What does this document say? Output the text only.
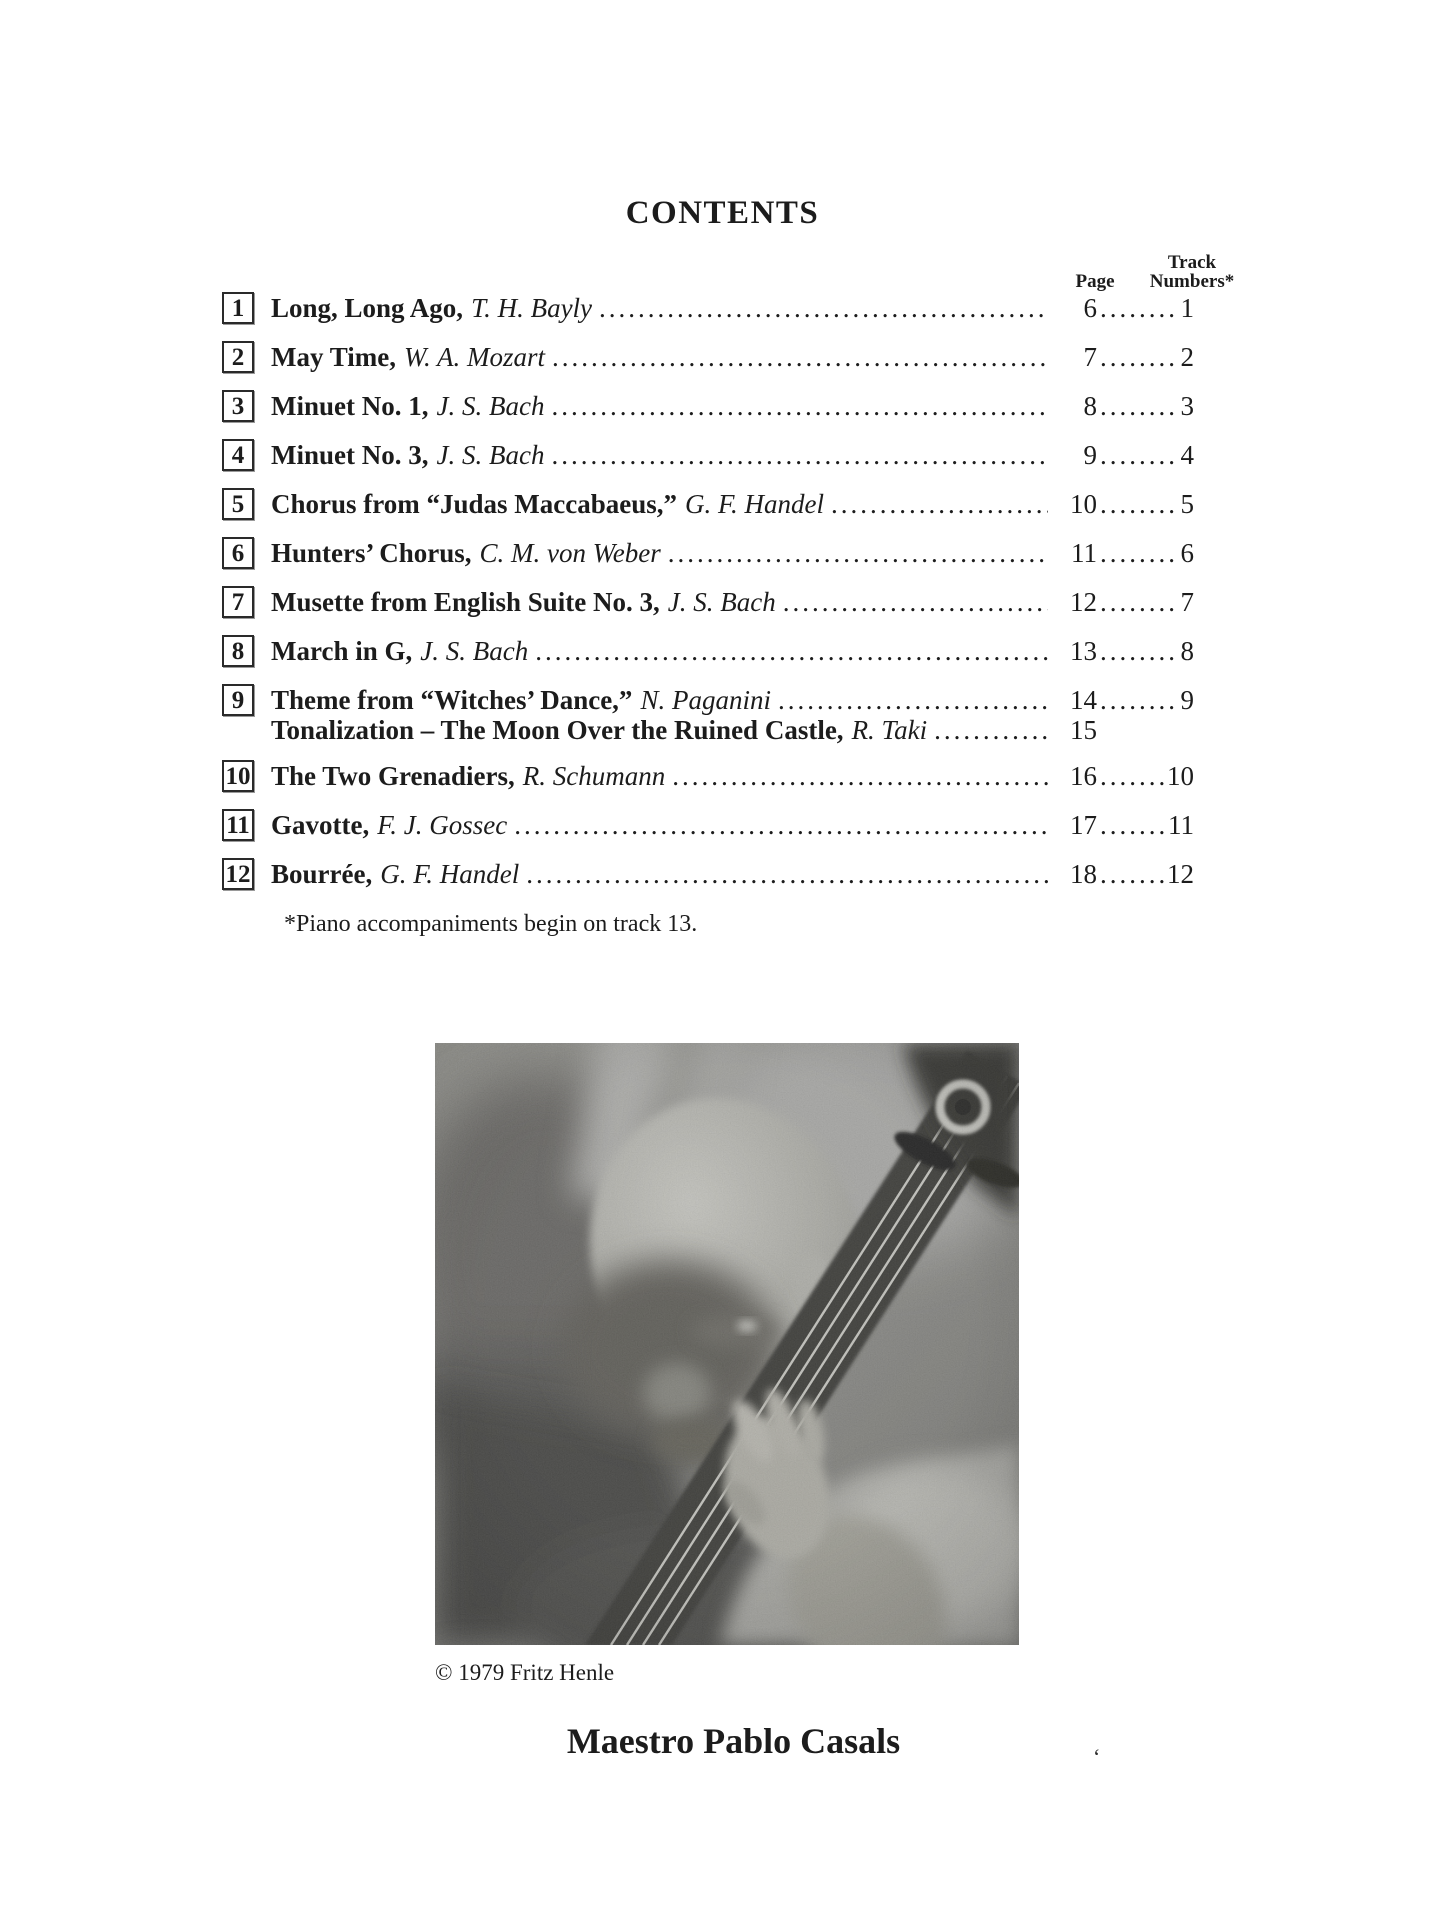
CONTENTS
Page
Track
Numbers*
1 Long, Long Ago, T. H. Bayly .....	6 .....	1
2 May Time, W. A. Mozart .....	7 .....	2
3 Minuet No. 1, J. S. Bach .....	8 .....	3
4 Minuet No. 3, J. S. Bach .....	9 .....	4
5 Chorus from “Judas Maccabaeus,” G. F. Handel .....	10 .....	5
6 Hunters’ Chorus, C. M. von Weber .....	11 .....	6
7 Musette from English Suite No. 3, J. S. Bach .....	12 .....	7
8 March in G, J. S. Bach .....	13 .....	8
9 Theme from “Witches’ Dance,” N. Paganini .....	14 .....	9
Tonalization – The Moon Over the Ruined Castle, R. Taki .....	15
10 The Two Grenadiers, R. Schumann .....	16 .....	10
11 Gavotte, F. J. Gossec .....	17 .....	11
12 Bourrée, G. F. Handel .....	18 .....	12
*Piano accompaniments begin on track 13.
© 1979 Fritz Henle
Maestro Pablo Casals	‘
